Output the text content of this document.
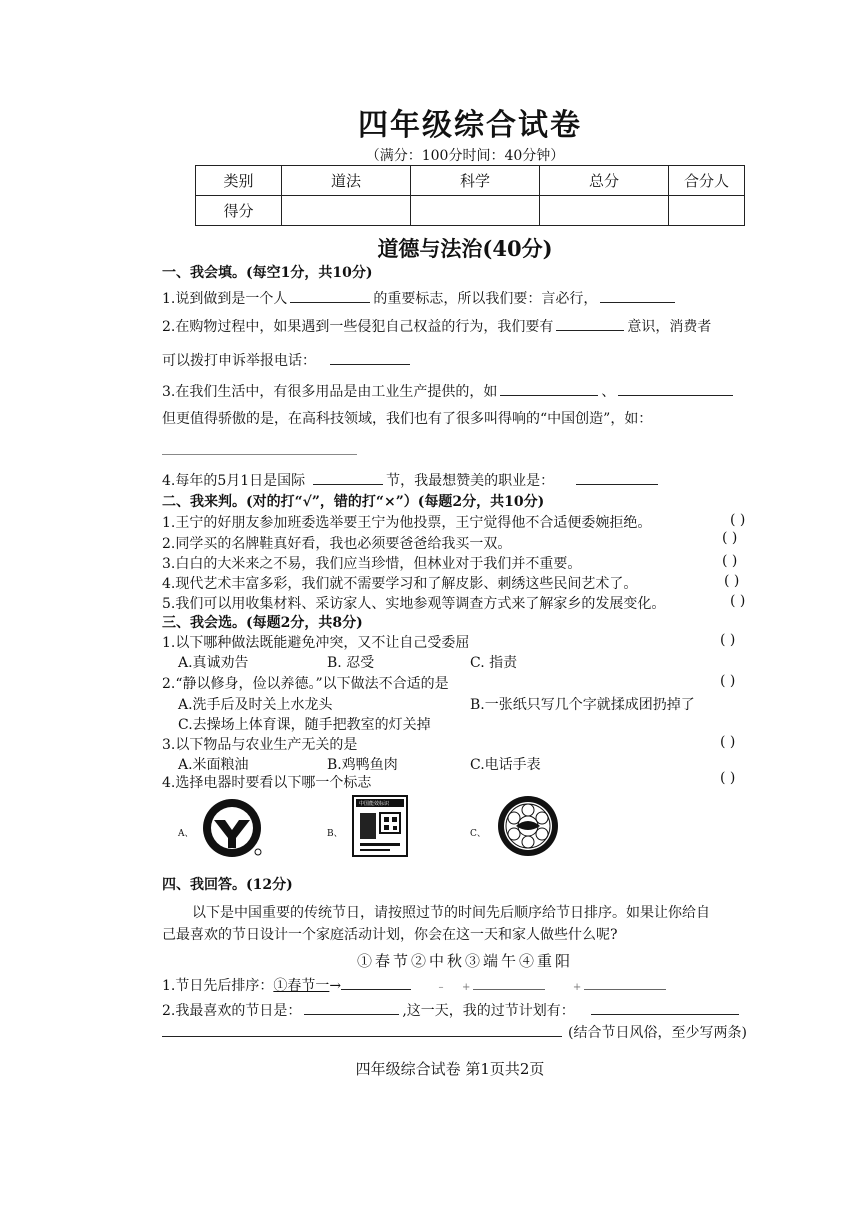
四年级综合试卷
（满分：100分时间：40分钟）
类别	道法	科学	总分	合分人
得分				
道德与法治(40分)
一、我会填。(每空1分，共10分)
1.说到做到是一个人	的重要标志，所以我们要：言必行，
2.在购物过程中，如果遇到一些侵犯自己权益的行为，我们要有	意识，消费者
可以拨打申诉举报电话：
3.在我们生活中，有很多用品是由工业生产提供的，如	、
但更值得骄傲的是，在高科技领域，我们也有了很多叫得响的“中国创造”，如：
4.每年的5月1日是国际	节，我最想赞美的职业是：
二、我来判。(对的打“√”，错的打“×”）(每题2分，共10分)
1.王宁的好朋友参加班委选举要王宁为他投票，王宁觉得他不合适便委婉拒绝。	( )
2.同学买的名牌鞋真好看，我也必须要爸爸给我买一双。	( )
3.白白的大米来之不易，我们应当珍惜，但林业对于我们并不重要。	( )
4.现代艺术丰富多彩，我们就不需要学习和了解皮影、刺绣这些民间艺术了。	( )
5.我们可以用收集材料、采访家人、实地参观等调查方式来了解家乡的发展变化。	( )
三、我会选。(每题2分，共8分)
1.以下哪种做法既能避免冲突，又不让自己受委屈	( )
A.真诚劝告	B. 忍受	C. 指责
2.“静以修身，俭以养德。”以下做法不合适的是	( )
A.洗手后及时关上水龙头	B.一张纸只写几个字就揉成团扔掉了
C.去操场上体育课，随手把教室的灯关掉
3.以下物品与农业生产无关的是	( )
A.米面粮油	B.鸡鸭鱼肉	C.电话手表
4.选择电器时要看以下哪一个标志	( )
A、	B、
中国能效标识
C、
四、我回答。(12分)
以下是中国重要的传统节日，请按照过节的时间先后顺序给节日排序。如果让你给自
己最喜欢的节日设计一个家庭活动计划，你会在这一天和家人做些什么呢?
①春节②中秋③端午④重阳
1.节日先后排序：①春节一→	– +	+
2.我最喜欢的节日是：	,这一天，我的过节计划有：
(结合节日风俗，至少写两条)
四年级综合试卷 第1页共2页
